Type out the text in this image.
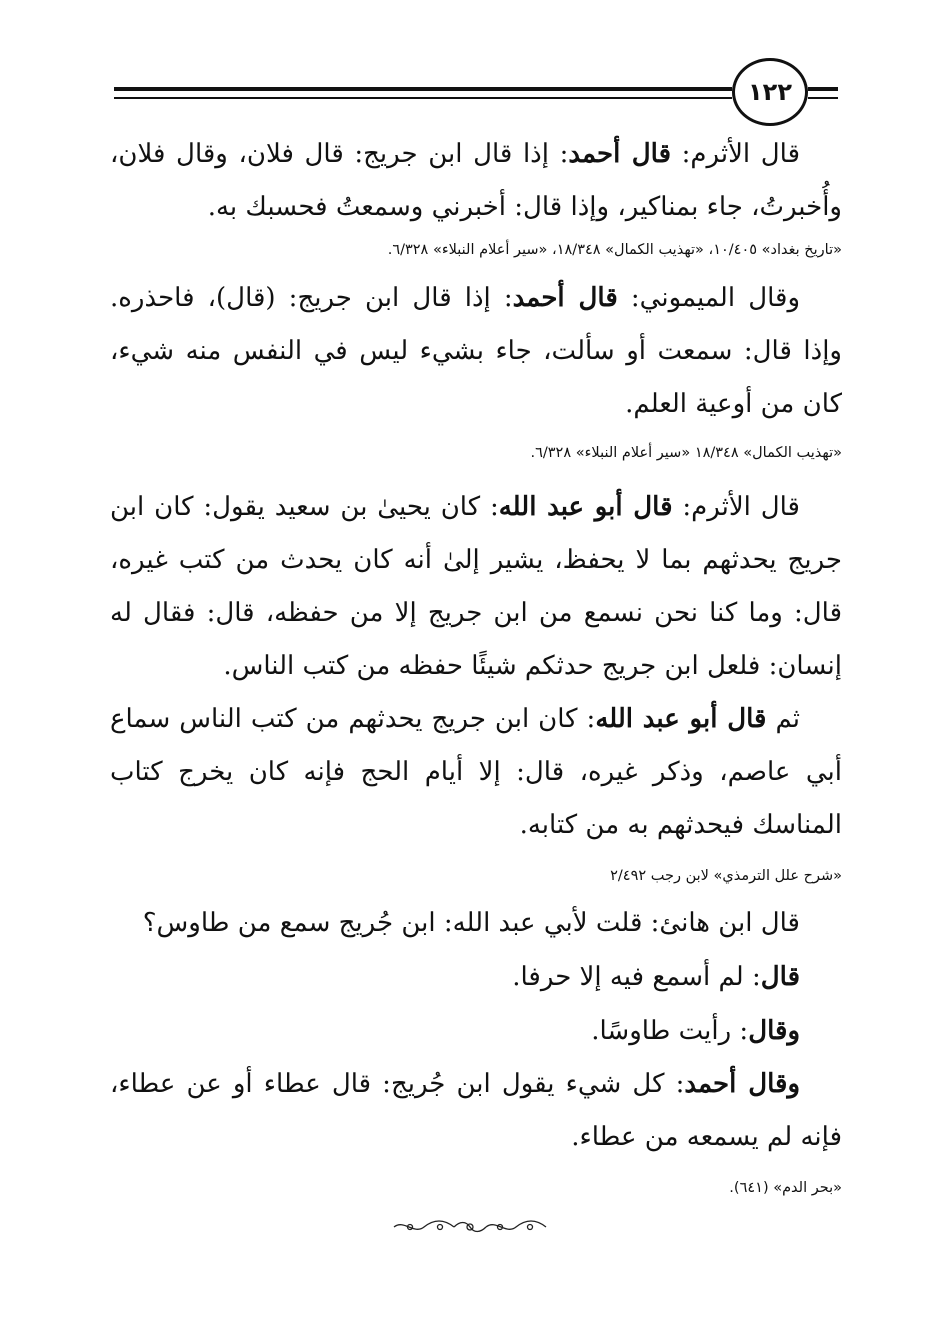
١٢٢

قال الأثرم: قال أحمد: إذا قال ابن جريج: قال فلان، وقال فلان، وأُخبرتُ، جاء بمناكير، وإذا قال: أخبرني وسمعتُ فحسبك به.

«تاريخ بغداد» ١٠/٤٠٥، «تهذيب الكمال» ١٨/٣٤٨، «سير أعلام النبلاء» ٦/٣٢٨.

وقال الميموني: قال أحمد: إذا قال ابن جريج: (قال)، فاحذره. وإذا قال: سمعت أو سألت، جاء بشيء ليس في النفس منه شيء، كان من أوعية العلم.

«تهذيب الكمال» ١٨/٣٤٨ «سير أعلام النبلاء» ٦/٣٢٨.

قال الأثرم: قال أبو عبد الله: كان يحيىٰ بن سعيد يقول: كان ابن جريج يحدثهم بما لا يحفظ، يشير إلىٰ أنه كان يحدث من كتب غيره، قال: وما كنا نحن نسمع من ابن جريج إلا من حفظه، قال: فقال له إنسان: فلعل ابن جريج حدثكم شيئًا حفظه من كتب الناس.

ثم قال أبو عبد الله: كان ابن جريج يحدثهم من كتب الناس سماع أبي عاصم، وذكر غيره، قال: إلا أيام الحج فإنه كان يخرج كتاب المناسك فيحدثهم به من كتابه.

«شرح علل الترمذي» لابن رجب ٢/٤٩٢

قال ابن هانئ: قلت لأبي عبد الله: ابن جُريج سمع من طاوس؟

قال: لم أسمع فيه إلا حرفا.

وقال: رأيت طاوسًا.

وقال أحمد: كل شيء يقول ابن جُريج: قال عطاء أو عن عطاء، فإنه لم يسمعه من عطاء.

«بحر الدم» (٦٤١).
